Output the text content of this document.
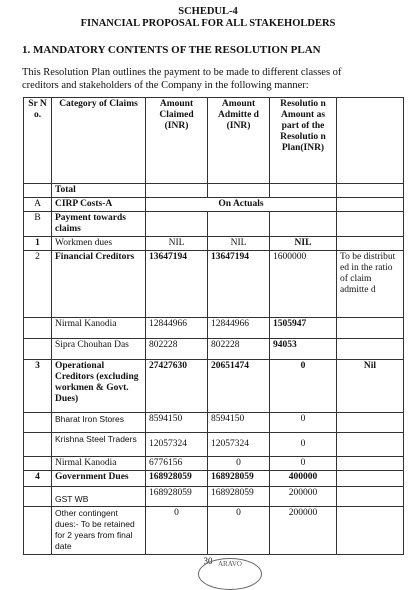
SCHEDUL-4
FINANCIAL PROPOSAL FOR ALL STAKEHOLDERS
1. MANDATORY CONTENTS OF THE RESOLUTION PLAN
This Resolution Plan outlines the payment to be made to different classes of creditors and stakeholders of the Company in the following manner:
Sr N o.	Category of Claims	Amount Claimed (INR)	Amount Admitte d (INR)	Resolutio n Amount as part of the Resolutio n Plan(INR)	
	Total				
A	CIRP Costs-A	On Actuals			
B	Payment towards claims				
1	Workmen dues	NIL	NIL	NIL	
2	Financial Creditors	13647194	13647194	1600000	To be distribut ed in the ratio of claim admitte d
	Nirmal Kanodia	12844966	12844966	1505947	
	Sipra Chouhan Das	802228	802228	94053	
3	Operational Creditors (excluding workmen & Govt. Dues)	27427630	20651474	0	Nil
	Bharat Iron Stores	8594150	8594150	0	
	Krishna Steel Traders	12057324	12057324	0	
	Nirmal Kanodia	6776156	0	0	
4	Government Dues	168928059	168928059	400000	
	GST WB	168928059	168928059	200000	
	Other contingent dues:- To be retained for 2 years from final date	0	0	200000	
30 ARAVO
